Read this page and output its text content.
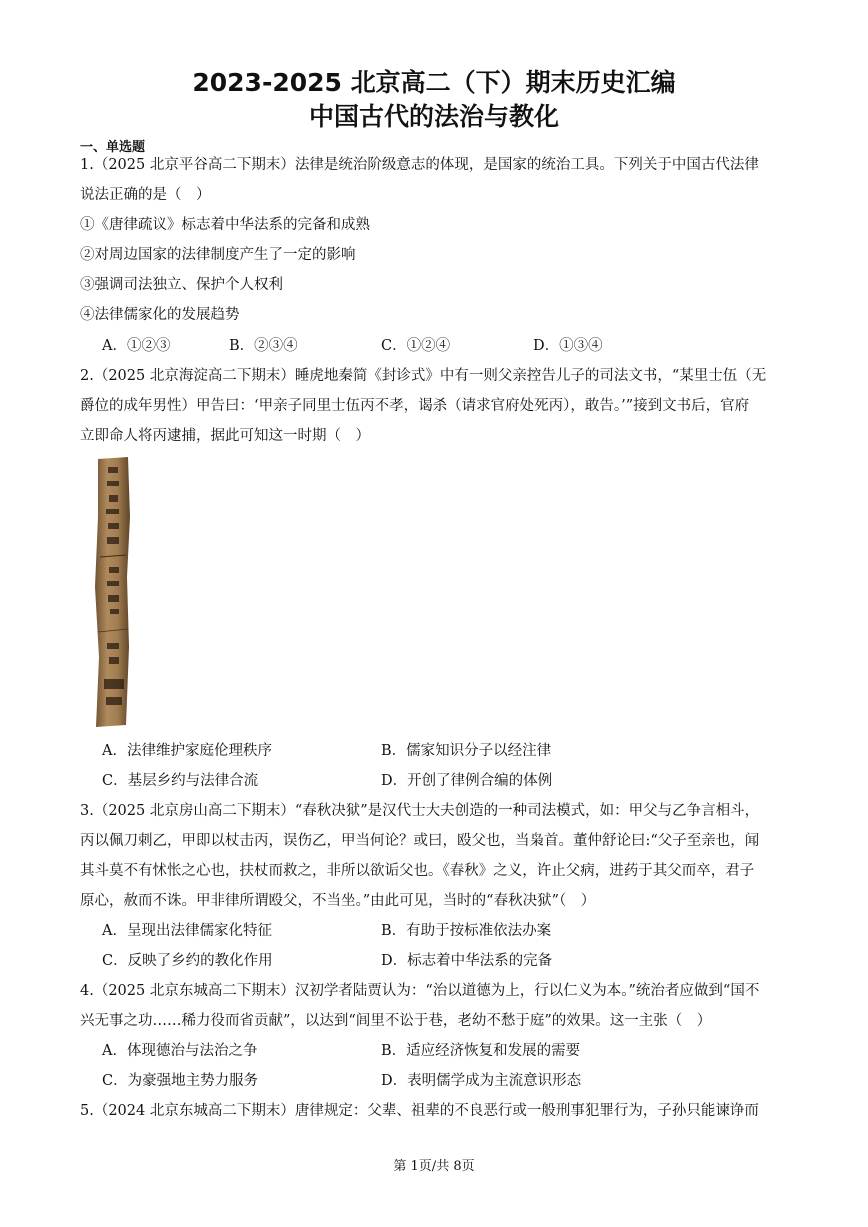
2023-2025 北京高二（下）期末历史汇编
中国古代的法治与教化
一、单选题
1.（2025 北京平谷高二下期末）法律是统治阶级意志的体现，是国家的统治工具。下列关于中国古代法律
说法正确的是（　）
①《唐律疏议》标志着中华法系的完备和成熟
②对周边国家的法律制度产生了一定的影响
③强调司法独立、保护个人权利
④法律儒家化的发展趋势
A．①②③	B．②③④	C．①②④	D．①③④
2.（2025 北京海淀高二下期末）睡虎地秦简《封诊式》中有一则父亲控告儿子的司法文书，“某里士伍（无
爵位的成年男性）甲告曰：‘甲亲子同里士伍丙不孝，谒杀（请求官府处死丙），敢告。’”接到文书后，官府
立即命人将丙逮捕，据此可知这一时期（　）
A．法律维护家庭伦理秩序	B．儒家知识分子以经注律
C．基层乡约与法律合流	D．开创了律例合编的体例
3.（2025 北京房山高二下期末）“春秋决狱”是汉代士大夫创造的一种司法模式，如：甲父与乙争言相斗，
丙以佩刀刺乙，甲即以杖击丙，误伤乙，甲当何论？或曰，殴父也，当枭首。董仲舒论曰:“父子至亲也，闻
其斗莫不有怵怅之心也，扶杖而救之，非所以欲诟父也。《春秋》之义，许止父病，进药于其父而卒，君子
原心，赦而不诛。甲非律所谓殴父，不当坐。”由此可见，当时的“春秋决狱”（　）
A．呈现出法律儒家化特征	B．有助于按标准依法办案
C．反映了乡约的教化作用	D．标志着中华法系的完备
4.（2025 北京东城高二下期末）汉初学者陆贾认为：“治以道德为上，行以仁义为本。”统治者应做到“国不
兴无事之功……稀力役而省贡献”，以达到“闾里不讼于巷，老幼不愁于庭”的效果。这一主张（　）
A．体现德治与法治之争	B．适应经济恢复和发展的需要
C．为豪强地主势力服务	D．表明儒学成为主流意识形态
5.（2024 北京东城高二下期末）唐律规定：父辈、祖辈的不良恶行或一般刑事犯罪行为，子孙只能谏诤而
第 1页/共 8页
